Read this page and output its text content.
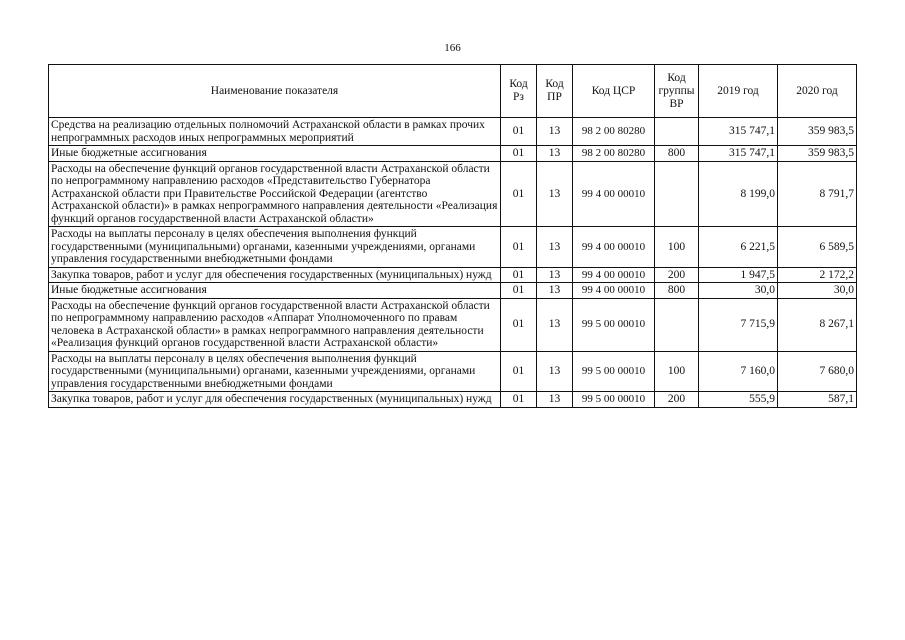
166
Наименование показателя	Код Рз	Код ПР	Код ЦСР	Код группы ВР	2019 год	2020 год
Средства на реализацию отдельных полномочий Астраханской области в рамках прочих непрограммных расходов иных непрограммных мероприятий	01	13	98 2 00 80280		315 747,1	359 983,5
Иные бюджетные ассигнования	01	13	98 2 00 80280	800	315 747,1	359 983,5
Расходы на обеспечение функций органов государственной власти Астраханской области по непрограммному направлению расходов «Представительство Губернатора Астраханской области при Правительстве Российской Федерации (агентство Астраханской области)» в рамках непрограммного направления деятельности «Реализация функций органов государственной власти Астраханской области»	01	13	99 4 00 00010		8 199,0	8 791,7
Расходы на выплаты персоналу в целях обеспечения выполнения функций государственными (муниципальными) органами, казенными учреждениями, органами управления государственными внебюджетными фондами	01	13	99 4 00 00010	100	6 221,5	6 589,5
Закупка товаров, работ и услуг для обеспечения государственных (муниципальных) нужд	01	13	99 4 00 00010	200	1 947,5	2 172,2
Иные бюджетные ассигнования	01	13	99 4 00 00010	800	30,0	30,0
Расходы на обеспечение функций органов государственной власти Астраханской области по непрограммному направлению расходов «Аппарат Уполномоченного по правам человека в Астраханской области» в рамках непрограммного направления деятельности «Реализация функций органов государственной власти Астраханской области»	01	13	99 5 00 00010		7 715,9	8 267,1
Расходы на выплаты персоналу в целях обеспечения выполнения функций государственными (муниципальными) органами, казенными учреждениями, органами управления государственными внебюджетными фондами	01	13	99 5 00 00010	100	7 160,0	7 680,0
Закупка товаров, работ и услуг для обеспечения государственных (муниципальных) нужд	01	13	99 5 00 00010	200	555,9	587,1
